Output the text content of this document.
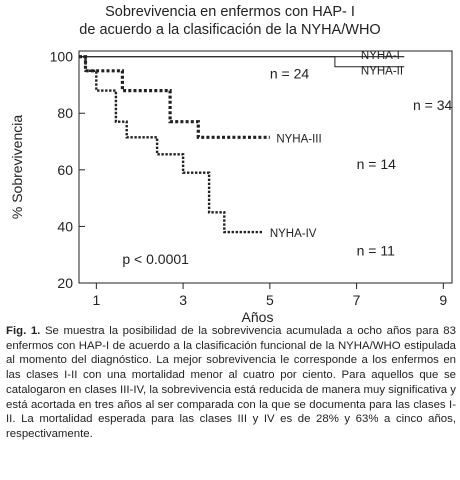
Sobrevivencia en enfermos con HAP- I
de acuerdo a la clasificación de la NYHA/WHO
20
40
60
80
100
1	3	5	7	9
Años
% Sobrevivencia
NYHA-I
NYHA-II
n = 24
n = 34
NYHA-III
n = 14
NYHA-IV
p < 0.0001
n = 11
Fig. 1. Se muestra la posibilidad de la sobrevivencia acumulada a ocho años para 83 enfermos con HAP-I de acuerdo a la clasificación funcional de la NYHA/WHO estipulada al momento del diagnóstico. La mejor sobrevivencia le corresponde a los enfermos en las clases I-II con una mortalidad menor al cuatro por ciento. Para aquellos que se catalogaron en clases III-IV, la sobrevivencia está reducida de manera muy significativa y está acortada en tres años al ser comparada con la que se documenta para las clases I-II. La mortalidad esperada para las clases III y IV es de 28% y 63% a cinco años, respectivamente.
